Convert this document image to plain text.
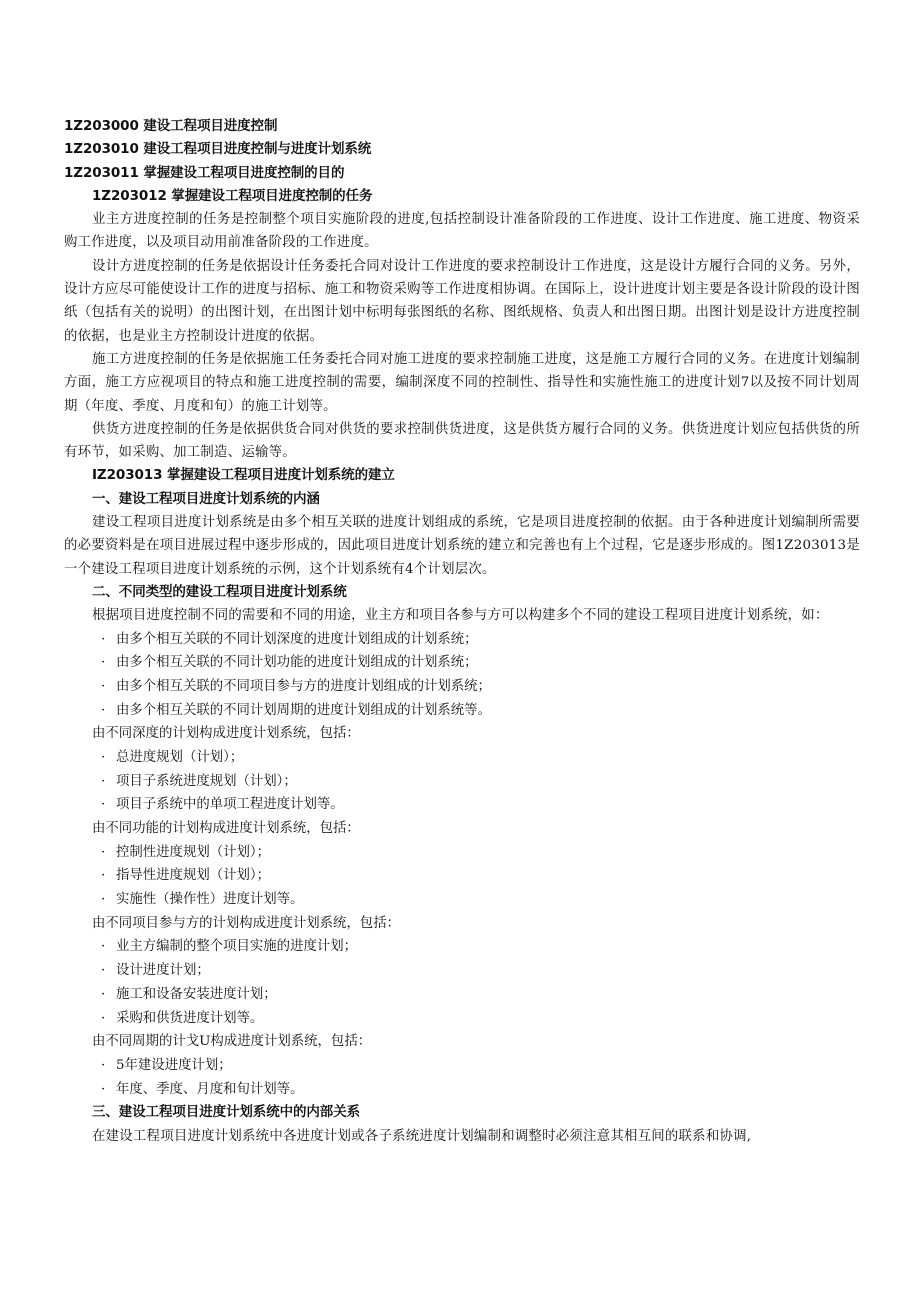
1Z203000 建设工程项目进度控制
1Z203010 建设工程项目进度控制与进度计划系统
1Z203011 掌握建设工程项目进度控制的目的
1Z203012 掌握建设工程项目进度控制的任务

业主方进度控制的任务是控制整个项目实施阶段的进度,包括控制设计准备阶段的工作进度、设计工作进度、施工进度、物资采购工作进度，以及项目动用前准备阶段的工作进度。

设计方进度控制的任务是依据设计任务委托合同对设计工作进度的要求控制设计工作进度，这是设计方履行合同的义务。另外，设计方应尽可能使设计工作的进度与招标、施工和物资采购等工作进度相协调。在国际上，设计进度计划主要是各设计阶段的设计图纸（包括有关的说明）的出图计划，在出图计划中标明每张图纸的名称、图纸规格、负责人和出图日期。出图计划是设计方进度控制的依据，也是业主方控制设计进度的依据。

施工方进度控制的任务是依据施工任务委托合同对施工进度的要求控制施工进度，这是施工方履行合同的义务。在进度计划编制方面，施工方应视项目的特点和施工进度控制的需要，编制深度不同的控制性、指导性和实施性施工的进度计划7以及按不同计划周期（年度、季度、月度和旬）的施工计划等。

供货方进度控制的任务是依据供货合同对供货的要求控制供货进度，这是供货方履行合同的义务。供货进度计划应包括供货的所有环节，如采购、加工制造、运输等。

IZ203013 掌握建设工程项目进度计划系统的建立
一、建设工程项目进度计划系统的内涵

建设工程项目进度计划系统是由多个相互关联的进度计划组成的系统，它是项目进度控制的依据。由于各种进度计划编制所需要的必要资料是在项目进展过程中逐步形成的，因此项目进度计划系统的建立和完善也有上个过程，它是逐步形成的。图1Z203013是一个建设工程项目进度计划系统的示例，这个计划系统有4个计划层次。

二、不同类型的建设工程项目进度计划系统

根据项目进度控制不同的需要和不同的用途，业主方和项目各参与方可以构建多个不同的建设工程项目进度计划系统，如：

· 由多个相互关联的不同计划深度的进度计划组成的计划系统；
· 由多个相互关联的不同计划功能的进度计划组成的计划系统；
· 由多个相互关联的不同项目参与方的进度计划组成的计划系统；
· 由多个相互关联的不同计划周期的进度计划组成的计划系统等。
由不同深度的计划构成进度计划系统，包括：
· 总进度规划（计划）；
· 项目子系统进度规划（计划）；
· 项目子系统中的单项工程进度计划等。
由不同功能的计划构成进度计划系统，包括：
· 控制性进度规划（计划）；
· 指导性进度规划（计划）；
· 实施性（操作性）进度计划等。
由不同项目参与方的计划构成进度计划系统，包括：
· 业主方编制的整个项目实施的进度计划；
· 设计进度计划；
· 施工和设备安装进度计划；
· 采购和供货进度计划等。
由不同周期的计戈U构成进度计划系统，包括：
· 5年建设进度计划；
· 年度、季度、月度和旬计划等。
三、建设工程项目进度计划系统中的内部关系

在建设工程项目进度计划系统中各进度计划或各子系统进度计划编制和调整时必须注意其相互间的联系和协调,
